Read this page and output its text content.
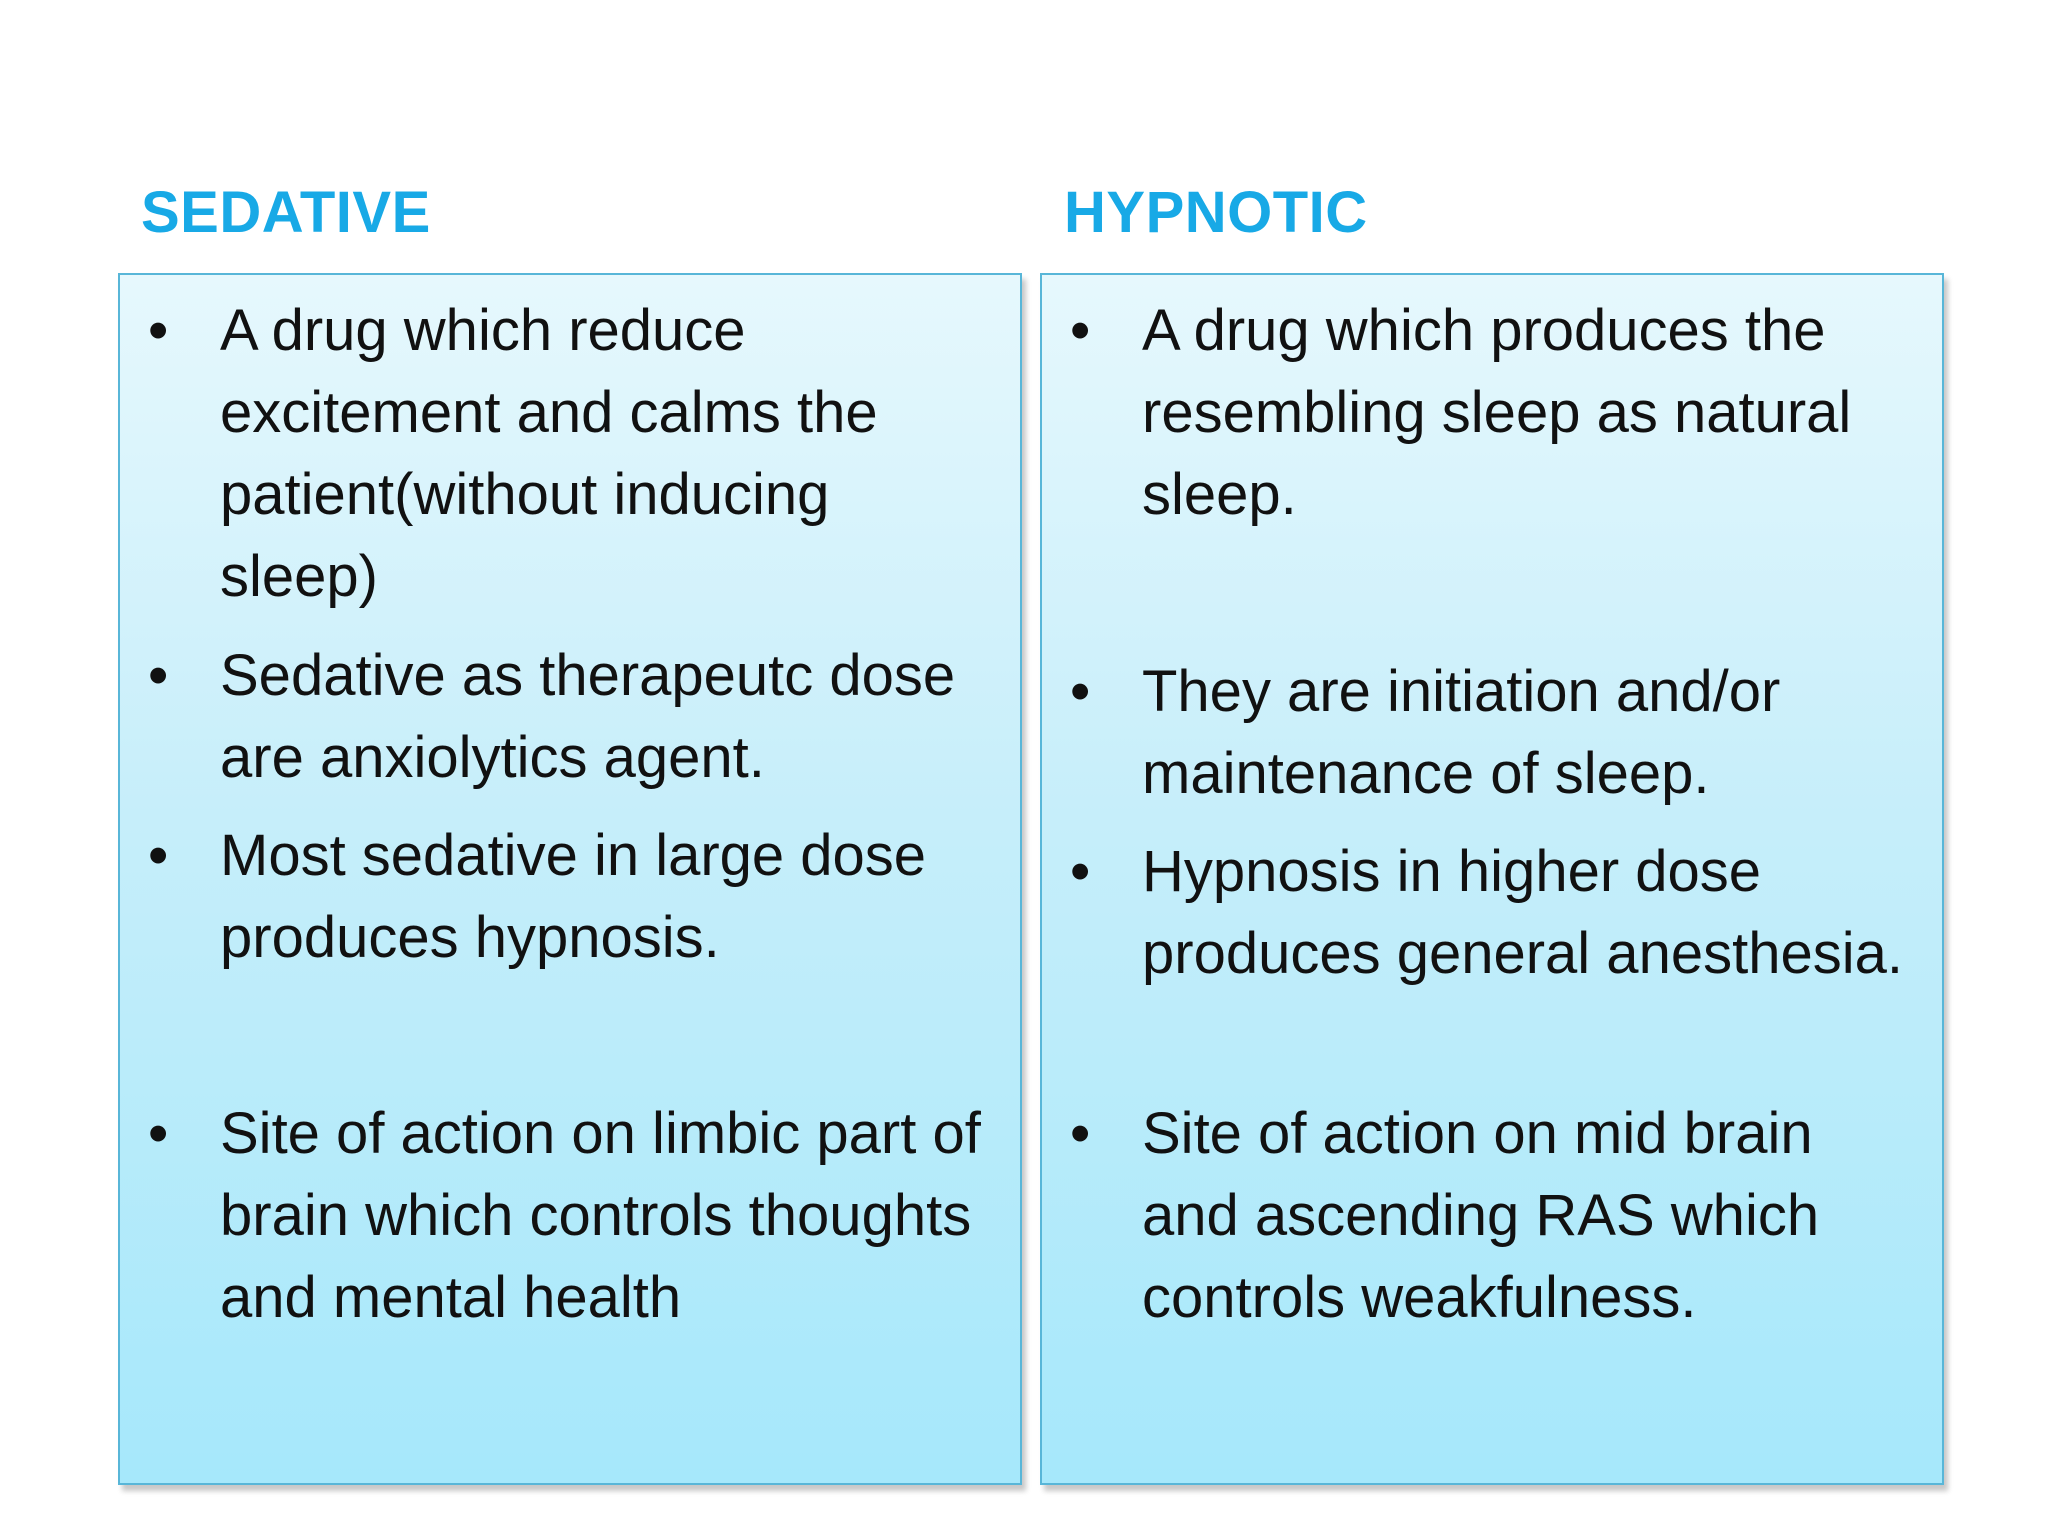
SEDATIVE	HYPNOTIC
• A drug which reduce excitement and calms the patient(without inducing sleep)
• Sedative as therapeutc dose are anxiolytics agent.
• Most sedative in large dose produces hypnosis.
• Site of action on limbic part of brain which controls thoughts and mental health
• A drug which produces the resembling sleep as natural sleep.
• They are initiation and/or maintenance of sleep.
• Hypnosis in higher dose produces general anesthesia.
• Site of action on mid brain and ascending RAS which controls weakfulness.
